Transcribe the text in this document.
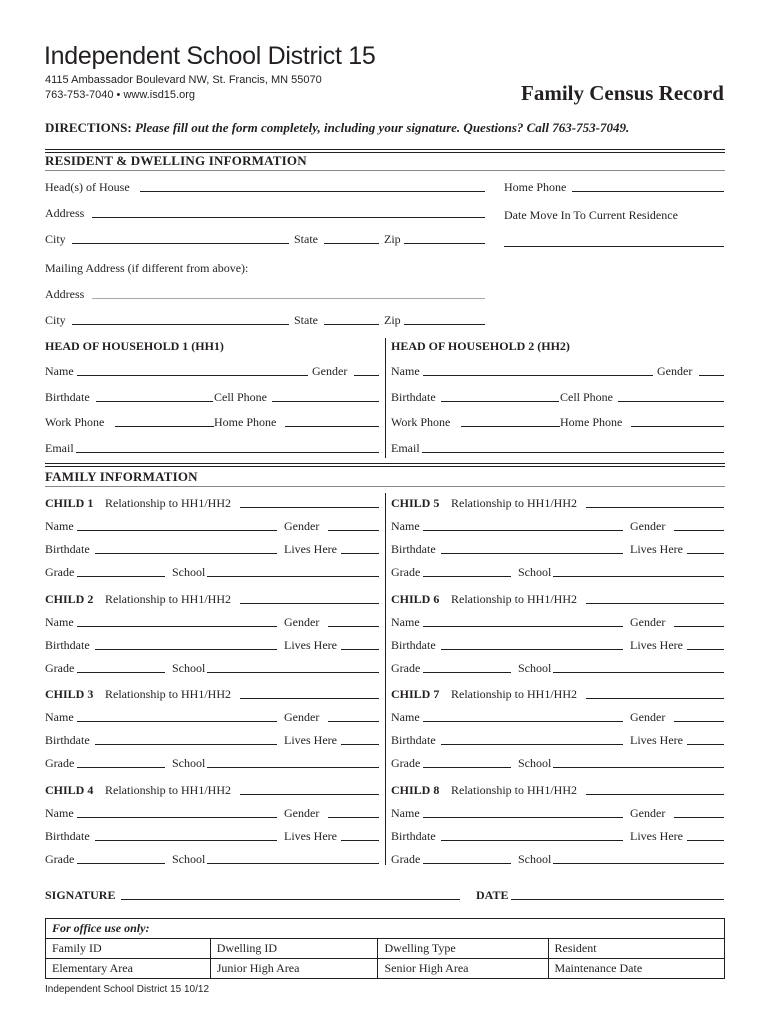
Independent School District 15
4115 Ambassador Boulevard NW, St. Francis, MN 55070
763-753-7040 • www.isd15.org	Family Census Record
DIRECTIONS: Please fill out the form completely, including your signature. Questions? Call 763-753-7049.
RESIDENT & DWELLING INFORMATION
Head(s) of House	Home Phone
Address	Date Move In To Current Residence
City	State	Zip
Mailing Address (if different from above):
Address
City	State	Zip
HEAD OF HOUSEHOLD 1 (HH1)
Name	Gender
Birthdate	Cell Phone
Work Phone	Home Phone
Email
HEAD OF HOUSEHOLD 2 (HH2)
Name	Gender
Birthdate	Cell Phone
Work Phone	Home Phone
Email
FAMILY INFORMATION
CHILD 1 Relationship to HH1/HH2
Name	Gender
Birthdate	Lives Here
Grade	School
CHILD 2 Relationship to HH1/HH2
Name	Gender
Birthdate	Lives Here
Grade	School
CHILD 3 Relationship to HH1/HH2
Name	Gender
Birthdate	Lives Here
Grade	School
CHILD 4 Relationship to HH1/HH2
Name	Gender
Birthdate	Lives Here
Grade	School
CHILD 5 Relationship to HH1/HH2
Name	Gender
Birthdate	Lives Here
Grade	School
CHILD 6 Relationship to HH1/HH2
Name	Gender
Birthdate	Lives Here
Grade	School
CHILD 7 Relationship to HH1/HH2
Name	Gender
Birthdate	Lives Here
Grade	School
CHILD 8 Relationship to HH1/HH2
Name	Gender
Birthdate	Lives Here
Grade	School
SIGNATURE	DATE
For office use only:			
Family ID	Dwelling ID	Dwelling Type	Resident
Elementary Area	Junior High Area	Senior High Area	Maintenance Date
Independent School District 15 10/12
